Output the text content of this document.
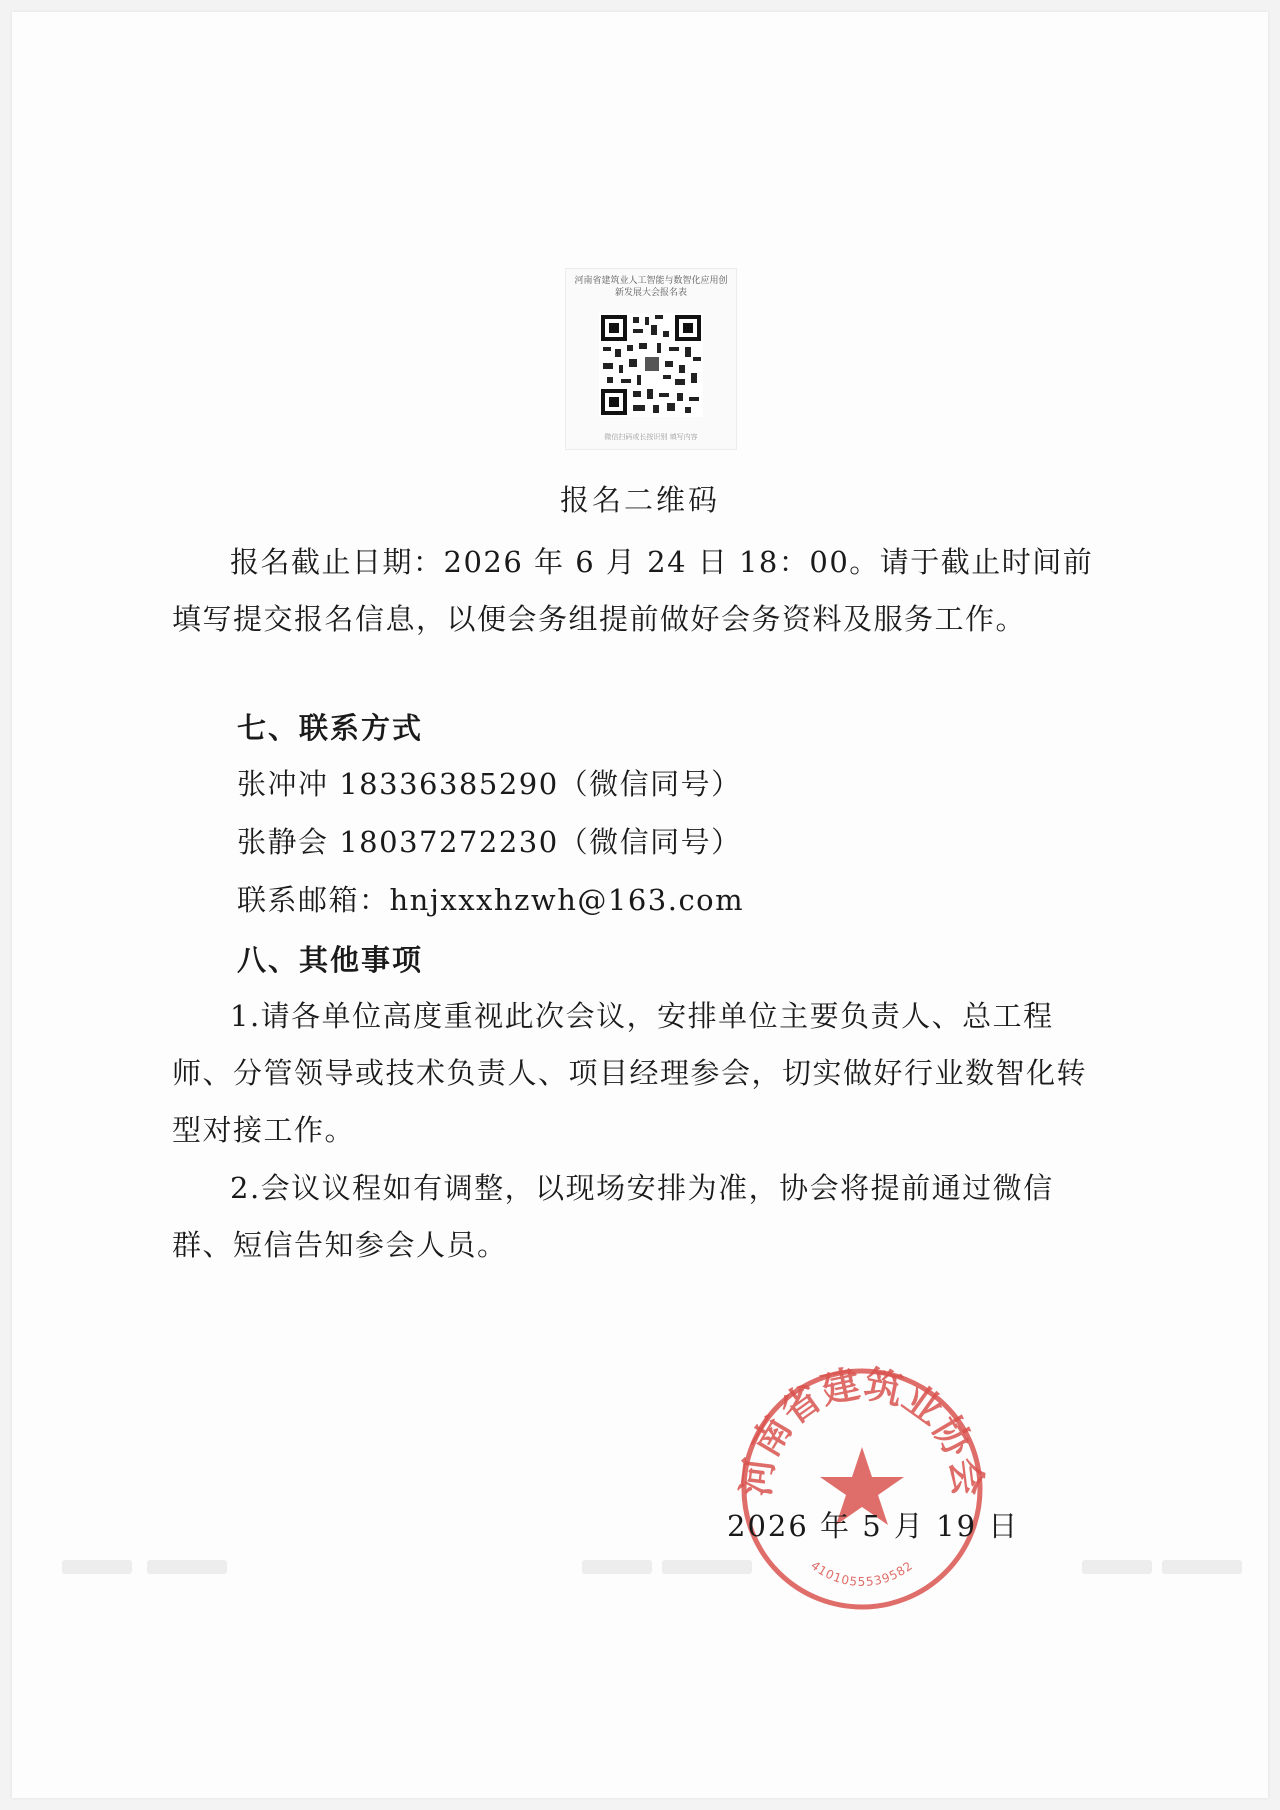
河南省建筑业人工智能与数智化应用创
新发展大会报名表
微信扫码或长按识别 填写内容
报名二维码

报名截止日期：2026 年 6 月 24 日 18：00。请于截止时间前填写提交报名信息，以便会务组提前做好会务资料及服务工作。

七、联系方式
张冲冲 18336385290（微信同号）
张静会 18037272230（微信同号）
联系邮箱：hnjxxxhzwh@163.com
八、其他事项

1.请各单位高度重视此次会议，安排单位主要负责人、总工程师、分管领导或技术负责人、项目经理参会，切实做好行业数智化转型对接工作。

2.会议议程如有调整，以现场安排为准，协会将提前通过微信群、短信告知参会人员。

河南省建筑业协会
4101055539582
2026 年 5 月 19 日
